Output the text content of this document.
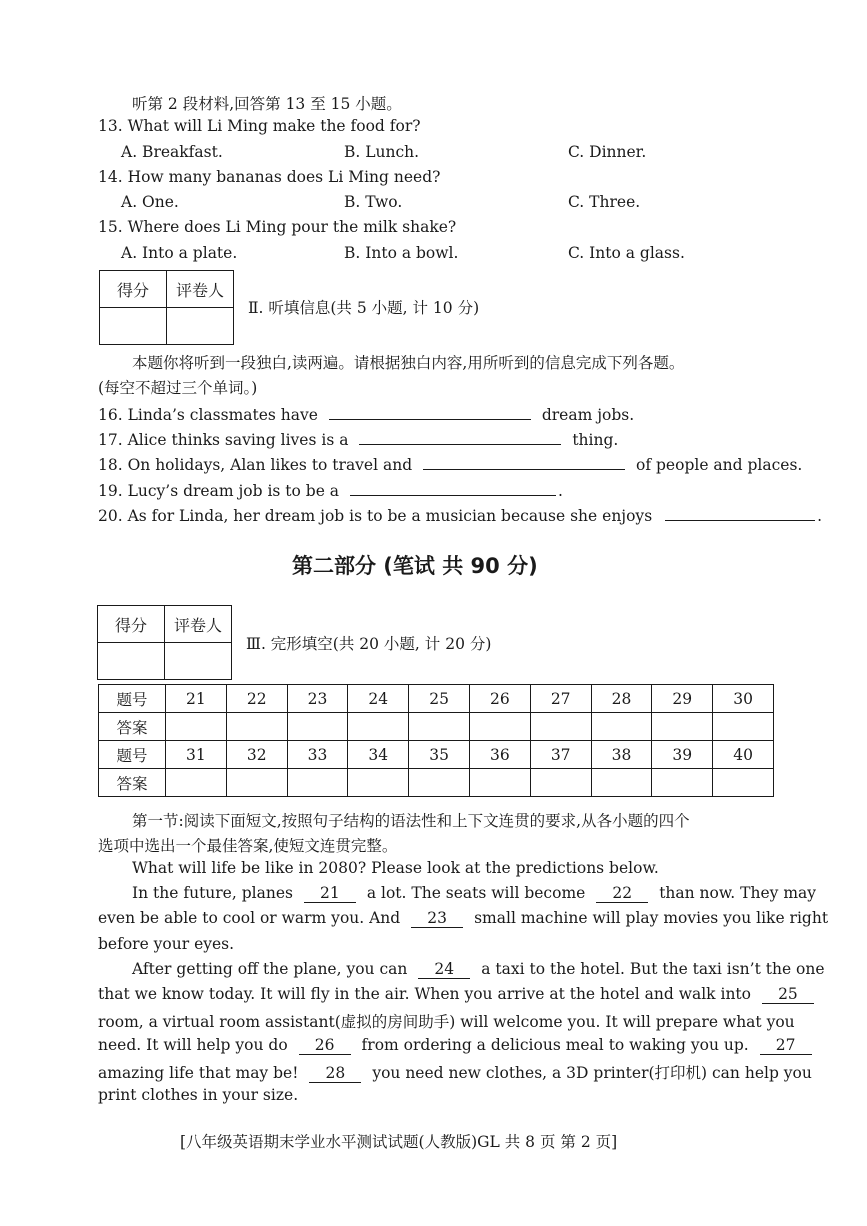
听第 2 段材料,回答第 13 至 15 小题。
13. What will Li Ming make the food for?
A. Breakfast.	B. Lunch.	C. Dinner.
14. How many bananas does Li Ming need?
A. One.	B. Two.	C. Three.
15. Where does Li Ming pour the milk shake?
A. Into a plate.	B. Into a bowl.	C. Into a glass.
得分	评卷人

Ⅱ. 听填信息(共 5 小题, 计 10 分)
本题你将听到一段独白,读两遍。请根据独白内容,用所听到的信息完成下列各题。
(每空不超过三个单词。)
16. Linda’s classmates have	dream jobs.
17. Alice thinks saving lives is a	thing.
18. On holidays, Alan likes to travel and	of people and places.
19. Lucy’s dream job is to be a	.
20. As for Linda, her dream job is to be a musician because she enjoys	.
第二部分 (笔试 共 90 分)
得分	评卷人

Ⅲ. 完形填空(共 20 小题, 计 20 分)
题号	21	22	23	24	25	26	27	28	29	30
答案										
题号	31	32	33	34	35	36	37	38	39	40
答案										
第一节:阅读下面短文,按照句子结构的语法性和上下文连贯的要求,从各小题的四个
选项中选出一个最佳答案,使短文连贯完整。
What will life be like in 2080? Please look at the predictions below.
In the future, planes 21 a lot. The seats will become 22 than now. They may
even be able to cool or warm you. And 23 small machine will play movies you like right
before your eyes.
After getting off the plane, you can 24 a taxi to the hotel. But the taxi isn’t the one
that we know today. It will fly in the air. When you arrive at the hotel and walk into 25
room, a virtual room assistant(虚拟的房间助手) will welcome you. It will prepare what you
need. It will help you do 26 from ordering a delicious meal to waking you up. 27
amazing life that may be! 28 you need new clothes, a 3D printer(打印机) can help you
print clothes in your size.
[八年级英语期末学业水平测试试题(人教版)GL 共 8 页 第 2 页]
